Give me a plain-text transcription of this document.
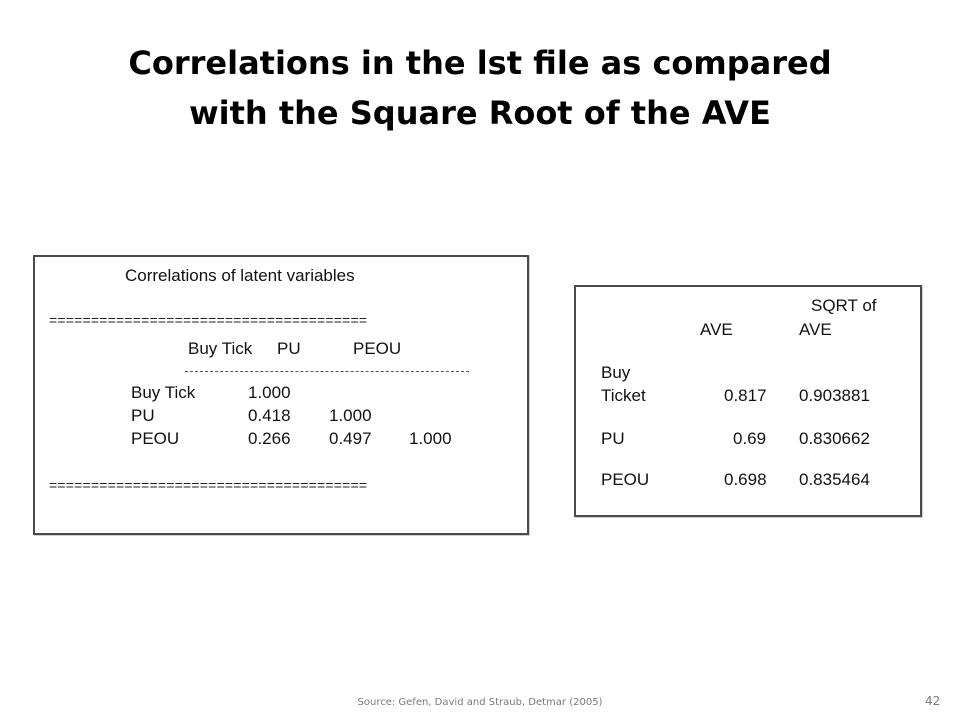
Correlations in the lst file as compared
with the Square Root of the AVE
Correlations of latent variables
======================================
Buy Tick PU	PEOU
Buy Tick	1.000
PU	0.418 1.000
PEOU	0.266 0.497 1.000
======================================
SQRT of
AVE	AVE
Buy
Ticket	0.817 0.903881
PU	0.69 0.830662
PEOU	0.698 0.835464
Source: Gefen, David and Straub, Detmar (2005)	42
